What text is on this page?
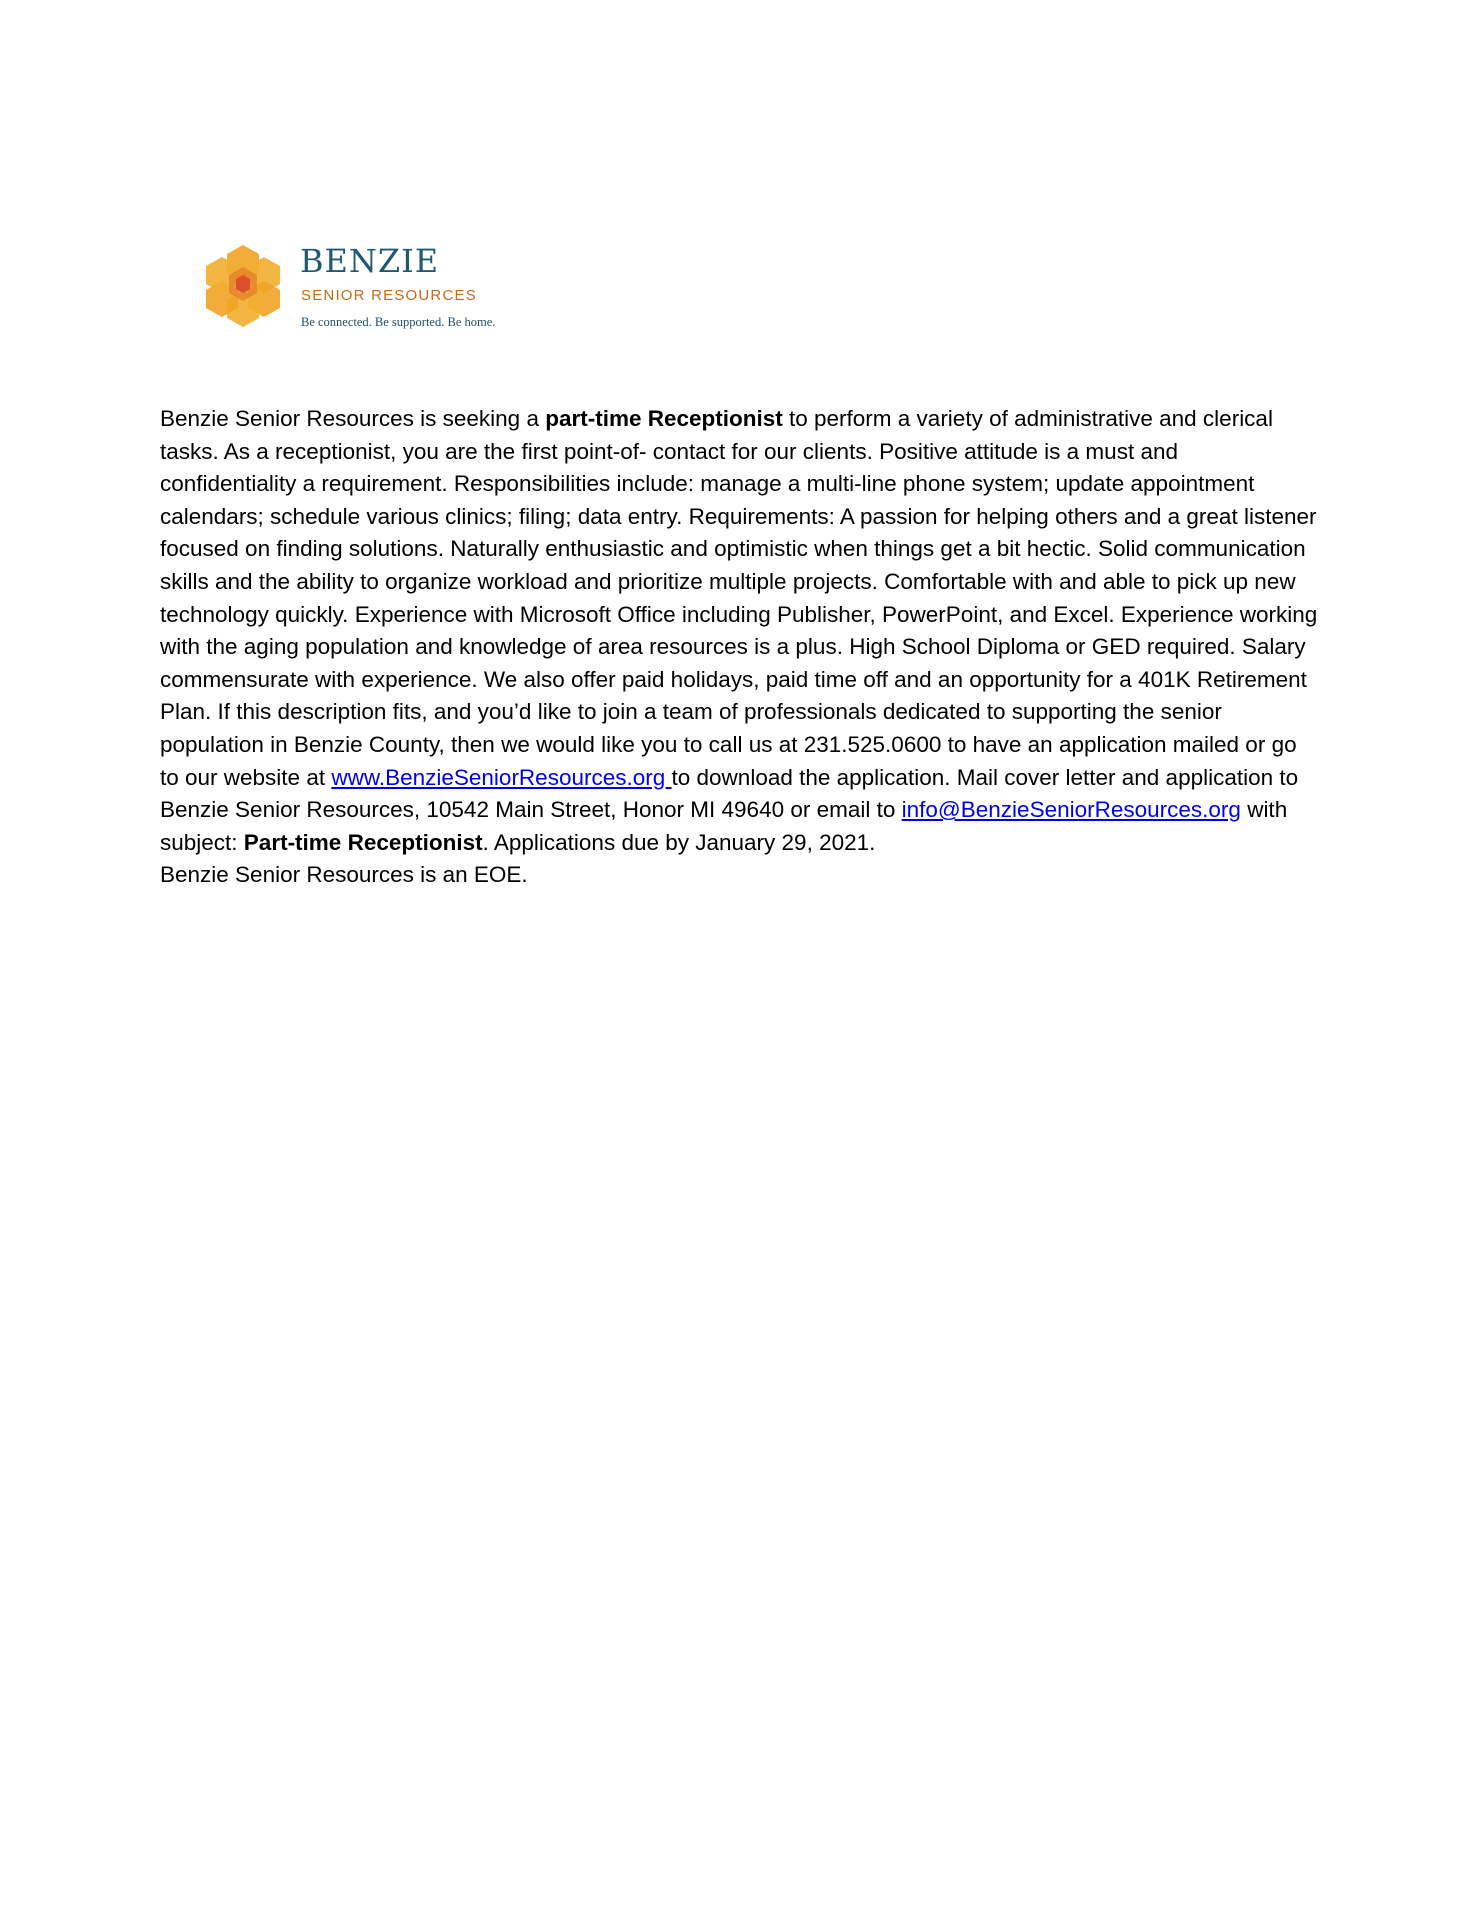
BENZIE
SENIOR RESOURCES
Be connected. Be supported. Be home.

Benzie Senior Resources is seeking a part-time Receptionist to perform a variety of administrative and clerical tasks. As a receptionist, you are the first point-of- contact for our clients. Positive attitude is a must and confidentiality a requirement. Responsibilities include: manage a multi-line phone system; update appointment calendars; schedule various clinics; filing; data entry. Requirements: A passion for helping others and a great listener focused on finding solutions. Naturally enthusiastic and optimistic when things get a bit hectic. Solid communication skills and the ability to organize workload and prioritize multiple projects. Comfortable with and able to pick up new technology quickly. Experience with Microsoft Office including Publisher, PowerPoint, and Excel. Experience working with the aging population and knowledge of area resources is a plus. High School Diploma or GED required. Salary commensurate with experience. We also offer paid holidays, paid time off and an opportunity for a 401K Retirement Plan. If this description fits, and you’d like to join a team of professionals dedicated to supporting the senior population in Benzie County, then we would like you to call us at 231.525.0600 to have an application mailed or go to our website at www.BenzieSeniorResources.org to download the application. Mail cover letter and application to Benzie Senior Resources, 10542 Main Street, Honor MI 49640 or email to info@BenzieSeniorResources.org with subject: Part-time Receptionist. Applications due by January 29, 2021.

Benzie Senior Resources is an EOE.
